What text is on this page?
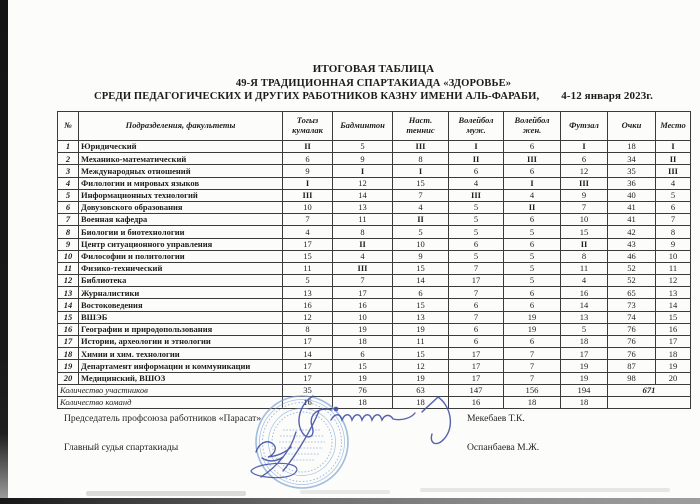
ИТОГОВАЯ ТАБЛИЦА
49-Я ТРАДИЦИОННАЯ СПАРТАКИАДА «ЗДОРОВЬЕ»
СРЕДИ ПЕДАГОГИЧЕСКИХ И ДРУГИХ РАБОТНИКОВ КАЗНУ ИМЕНИ АЛЬ-ФАРАБИ, 4-12 января 2023г.
№	Подразделения, факультеты	Тогыз кумалак	Бадминтон	Наст. теннис	Волейбол муж.	Волейбол жен.	Футзал	Очки	Место
1	Юридический	II	5	III	I	6	I	18	I
2	Механико-математический	6	9	8	II	III	6	34	II
3	Международных отношений	9	I	I	6	6	12	35	III
4	Филологии и мировых языков	I	12	15	4	I	III	36	4
5	Информационных технологий	III	14	7	III	4	9	40	5
6	Довузовского образования	10	13	4	5	II	7	41	6
7	Военная кафедра	7	11	II	5	6	10	41	7
8	Биологии и биотехнологии	4	8	5	5	5	15	42	8
9	Центр ситуационного управления	17	II	10	6	6	II	43	9
10	Философии и политологии	15	4	9	5	5	8	46	10
11	Физико-технический	11	III	15	7	5	11	52	11
12	Библиотека	5	7	14	17	5	4	52	12
13	Журналистики	13	17	6	7	6	16	65	13
14	Востоковедения	16	16	15	6	6	14	73	14
15	ВШЭБ	12	10	13	7	19	13	74	15
16	Географии и природопользования	8	19	19	6	19	5	76	16
17	Истории, археологии и этнологии	17	18	11	6	6	18	76	17
18	Химии и хим. технологии	14	6	15	17	7	17	76	18
19	Департамент информации и коммуникации	17	15	12	17	7	19	87	19
20	Медицинский, ВШОЗ	17	19	19	17	7	19	98	20
Количество участников		35	76	63	147	156	194	671	
Количество команд		16	18	18	16	18	18		
Председатель профсоюза работников «Парасат»	Мекебаев Т.К.
Главный судья спартакиады	Оспанбаева М.Ж.
